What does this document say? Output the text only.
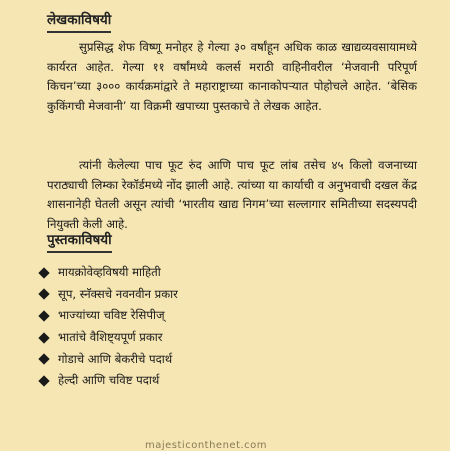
लेखकाविषयी

सुप्रसिद्ध शेफ विष्णू मनोहर हे गेल्या ३० वर्षांहून अधिक काळ खाद्यव्यवसायामध्ये कार्यरत आहेत. गेल्या ११ वर्षांमध्ये कलर्स मराठी वाहिनीवरील ‘मेजवानी परिपूर्ण किचन’च्या ३००० कार्यक्रमांद्वारे ते महाराष्ट्राच्या कानाकोपऱ्यात पोहोचले आहेत. ‘बेसिक कुकिंगची मेजवानी’ या विक्रमी खपाच्या पुस्तकाचे ते लेखक आहेत.

त्यांनी केलेल्या पाच फूट रुंद आणि पाच फूट लांब तसेच ४५ किलो वजनाच्या पराठ्याची लिम्का रेकॉर्डमध्ये नोंद झाली आहे. त्यांच्या या कार्याची व अनुभवाची दखल केंद्र शासनानेही घेतली असून त्यांची ‘भारतीय खाद्य निगम’च्या सल्लागार समितीच्या सदस्यपदी नियुक्ती केली आहे.

पुस्तकाविषयी
मायक्रोवेव्हविषयी माहिती
सूप, स्नॅक्सचे नवनवीन प्रकार
भाज्यांच्या चविष्ट रेसिपीज्
भातांचे वैशिष्ट्यपूर्ण प्रकार
गोडाचे आणि बेकरीचे पदार्थ
हेल्दी आणि चविष्ट पदार्थ
majesticonthenet.com
